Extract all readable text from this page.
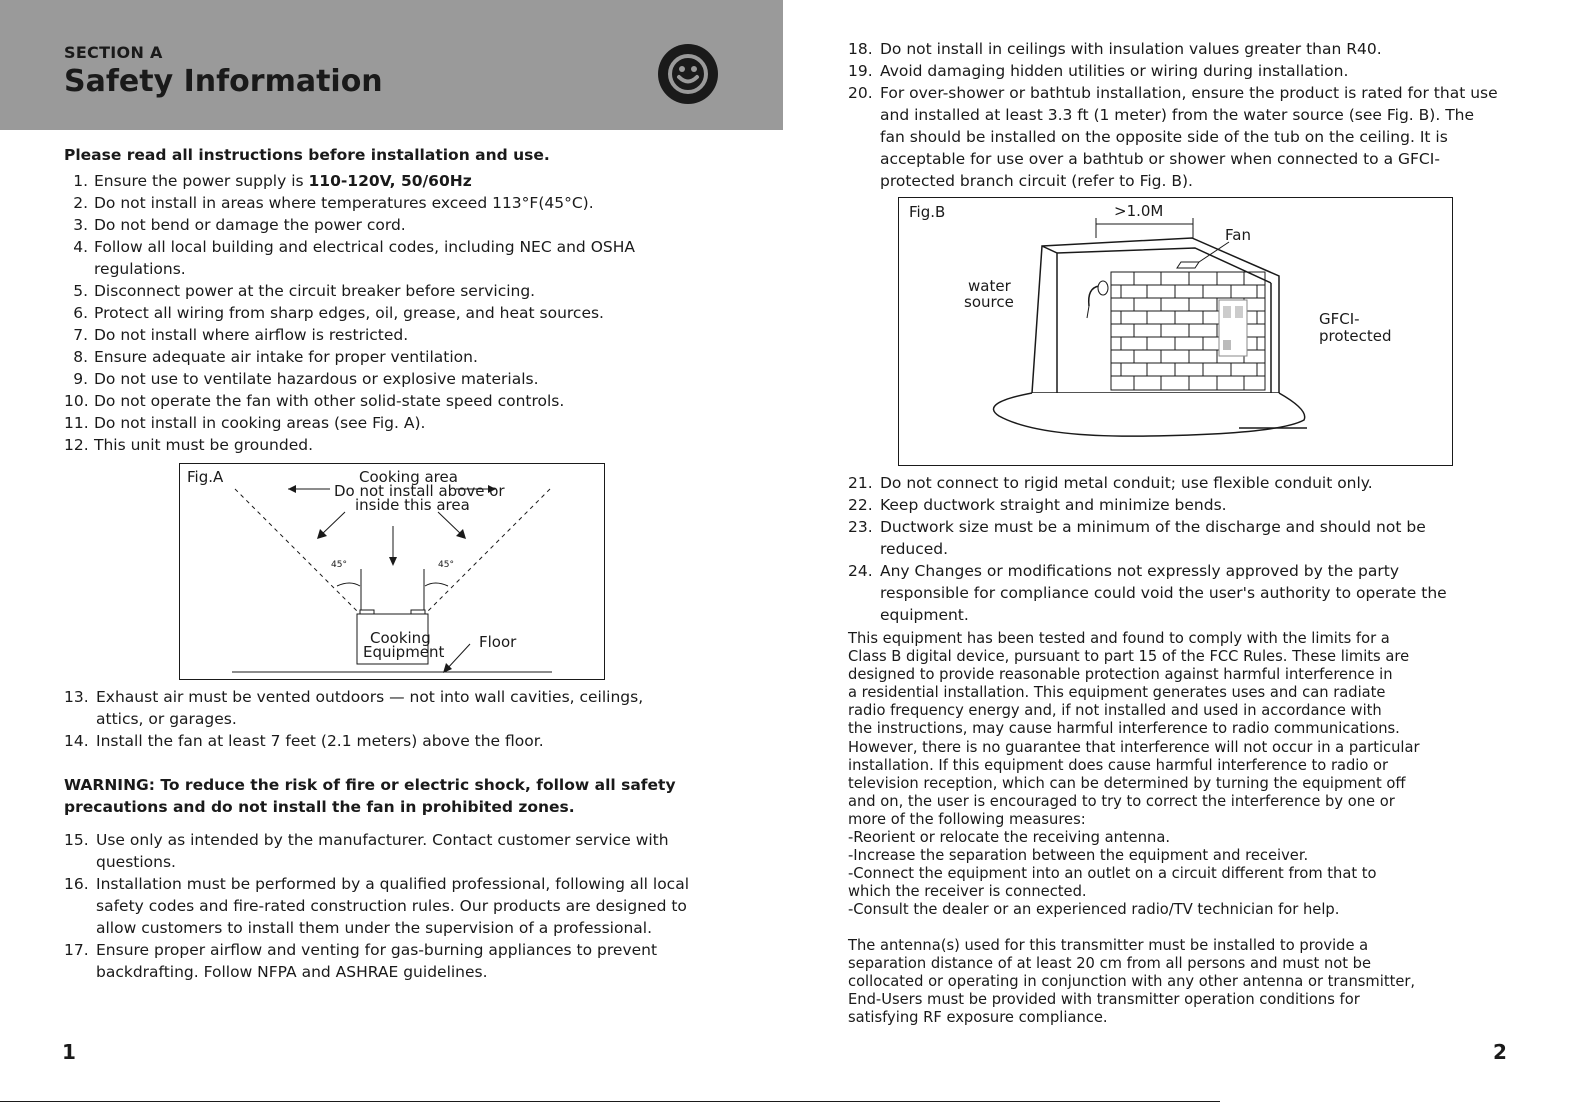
SECTION A
Safety Information
Please read all instructions before installation and use.
1. Ensure the power supply is 110-120V, 50/60Hz
2. Do not install in areas where temperatures exceed 113°F(45°C).
3. Do not bend or damage the power cord.
4. Follow all local building and electrical codes, including NEC and OSHA regulations.
5. Disconnect power at the circuit breaker before servicing.
6. Protect all wiring from sharp edges, oil, grease, and heat sources.
7. Do not install where airflow is restricted.
8. Ensure adequate air intake for proper ventilation.
9. Do not use to ventilate hazardous or explosive materials.
10. Do not operate the fan with other solid-state speed controls.
11. Do not install in cooking areas (see Fig. A).
12. This unit must be grounded.
Fig.A	Cooking area
Do not install above or
inside this area
45°	45°
Cooking
Equipment
Floor
13. Exhaust air must be vented outdoors — not into wall cavities, ceilings, attics, or garages.
14. Install the fan at least 7 feet (2.1 meters) above the floor.
WARNING: To reduce the risk of fire or electric shock, follow all safety precautions and do not install the fan in prohibited zones.
15. Use only as intended by the manufacturer. Contact customer service with questions.
16. Installation must be performed by a qualified professional, following all local safety codes and fire-rated construction rules. Our products are designed to allow customers to install them under the supervision of a professional.
17. Ensure proper airflow and venting for gas-burning appliances to prevent backdrafting. Follow NFPA and ASHRAE guidelines.
1
18. Do not install in ceilings with insulation values greater than R40.
19. Avoid damaging hidden utilities or wiring during installation.
20. For over-shower or bathtub installation, ensure the product is rated for that use and installed at least 3.3 ft (1 meter) from the water source (see Fig. B). The fan should be installed on the opposite side of the tub on the ceiling. It is acceptable for use over a bathtub or shower when connected to a GFCI-protected branch circuit (refer to Fig. B).
Fig.B	>1.0M
Fan
water
source
GFCI-
protected
21. Do not connect to rigid metal conduit; use flexible conduit only.
22. Keep ductwork straight and minimize bends.
23. Ductwork size must be a minimum of the discharge and should not be reduced.
24. Any Changes or modifications not expressly approved by the party responsible for compliance could void the user's authority to operate the equipment.
This equipment has been tested and found to comply with the limits for a
Class B digital device, pursuant to part 15 of the FCC Rules. These limits are
designed to provide reasonable protection against harmful interference in
a residential installation. This equipment generates uses and can radiate
radio frequency energy and, if not installed and used in accordance with
the instructions, may cause harmful interference to radio communications.
However, there is no guarantee that interference will not occur in a particular
installation. If this equipment does cause harmful interference to radio or
television reception, which can be determined by turning the equipment off
and on, the user is encouraged to try to correct the interference by one or
more of the following measures:
-Reorient or relocate the receiving antenna.
-Increase the separation between the equipment and receiver.
-Connect the equipment into an outlet on a circuit different from that to
which the receiver is connected.
-Consult the dealer or an experienced radio/TV technician for help.
The antenna(s) used for this transmitter must be installed to provide a
separation distance of at least 20 cm from all persons and must not be
collocated or operating in conjunction with any other antenna or transmitter,
End-Users must be provided with transmitter operation conditions for
satisfying RF exposure compliance.
2
